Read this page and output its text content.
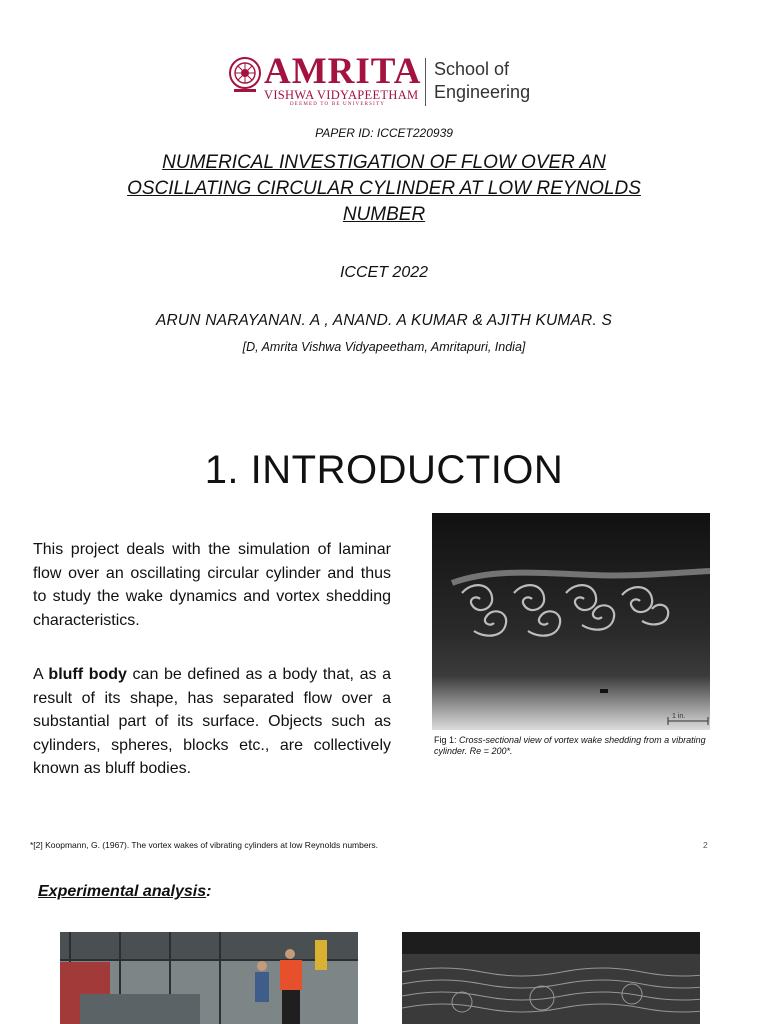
AMRITA
VISHWA VIDYAPEETHAM
DEEMED TO BE UNIVERSITY
School of
Engineering
PAPER ID: ICCET220939
NUMERICAL INVESTIGATION OF FLOW OVER AN
OSCILLATING CIRCULAR CYLINDER AT LOW REYNOLDS
NUMBER
ICCET 2022
ARUN NARAYANAN. A , ANAND. A KUMAR & AJITH KUMAR. S
[D, Amrita Vishwa Vidyapeetham, Amritapuri, India]
1. INTRODUCTION
This project deals with the simulation of laminar flow over an oscillating circular cylinder and thus to study the wake dynamics and vortex shedding characteristics.
A bluff body can be defined as a body that, as a result of its shape, has separated flow over a substantial part of its surface. Objects such as cylinders, spheres, blocks etc., are collectively known as bluff bodies.
1 in.
Fig 1: Cross-sectional view of vortex wake shedding from a vibrating cylinder. Re = 200*.
*[2] Koopmann, G. (1967). The vortex wakes of vibrating cylinders at low Reynolds numbers.	2
Experimental analysis:
